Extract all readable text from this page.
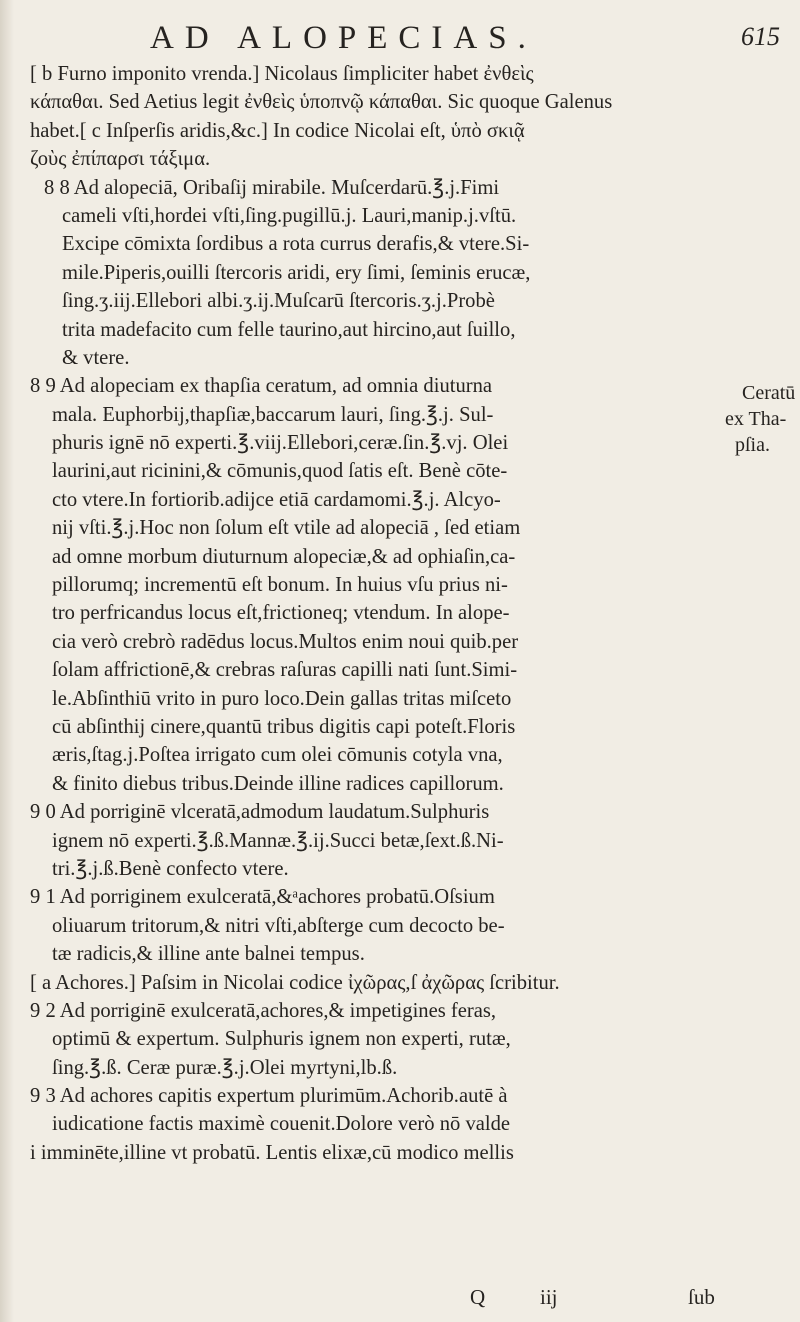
AD ALOPECIAS.	615
[ b Furno imponito vrenda.] Nicolaus ſimpliciter habet ἐνθεὶς
κάπαθαι. Sed Aetius legit ἐνθεὶς ὑποπνῷ κάπαθαι. Sic quoque Galenus
habet.[ c Inſperſis aridis,&c.] In codice Nicolai eſt, ὑπὸ σκιᾷ
ζοὺς ἐπίπαρσι τάξιμα.
8 8 Ad alopeciā, Oribaſij mirabile. Muſcerdarū.℥.j.Fimi
cameli vſti,hordei vſti,ſing.pugillū.j. Lauri,manip.j.vſtū.
Excipe cōmixta ſordibus a rota currus derafis,& vtere.Si-
mile.Piperis,ouilli ſtercoris aridi, ery ſimi, ſeminis erucæ,
ſing.ʒ.iij.Ellebori albi.ʒ.ij.Muſcarū ſtercoris.ʒ.j.Probè
trita madefacito cum felle taurino,aut hircino,aut ſuillo,
& vtere.
8 9 Ad alopeciam ex thapſia ceratum, ad omnia diuturna
mala. Euphorbij,thapſiæ,baccarum lauri, ſing.℥.j. Sul-
phuris ignē nō experti.℥.viij.Ellebori,ceræ.ſin.℥.vj. Olei
laurini,aut ricinini,& cōmunis,quod ſatis eſt. Benè cōte-
cto vtere.In fortiorib.adijce etiā cardamomi.℥.j. Alcyo-
nij vſti.℥.j.Hoc non ſolum eſt vtile ad alopeciā , ſed etiam
ad omne morbum diuturnum alopeciæ,& ad ophiaſin,ca-
pillorumq; incrementū eſt bonum. In huius vſu prius ni-
tro perfricandus locus eſt,frictioneq; vtendum. In alope-
cia verò crebrò radēdus locus.Multos enim noui quib.per
ſolam affrictionē,& crebras raſuras capilli nati ſunt.Simi-
le.Abſinthiū vrito in puro loco.Dein gallas tritas miſceto
cū abſinthij cinere,quantū tribus digitis capi poteſt.Floris
æris,ſtag.j.Poſtea irrigato cum olei cōmunis cotyla vna,
& finito diebus tribus.Deinde illine radices capillorum.
9 0 Ad porriginē vlceratā,admodum laudatum.Sulphuris
ignem nō experti.℥.ß.Mannæ.℥.ij.Succi betæ,ſext.ß.Ni-
tri.℥.j.ß.Benè confecto vtere.
9 1 Ad porriginem exulceratā,&ᵃachores probatū.Oſsium
oliuarum tritorum,& nitri vſti,abſterge cum decocto be-
tæ radicis,& illine ante balnei tempus.
[ a Achores.] Paſsim in Nicolai codice ἰχῶρας,ſ ἀχῶρας ſcribitur.
9 2 Ad porriginē exulceratā,achores,& impetigines feras,
optimū & expertum. Sulphuris ignem non experti, rutæ,
ſing.℥.ß. Ceræ puræ.℥.j.Olei myrtyni,lb.ß.
9 3 Ad achores capitis expertum plurimūm.Achorib.autē à
iudicatione factis maximè couenit.Dolore verò nō valde
i imminēte,illine vt probatū. Lentis elixæ,cū modico mellis
Ceratū
ex Tha-
pſia.
Q	iij	ſub
